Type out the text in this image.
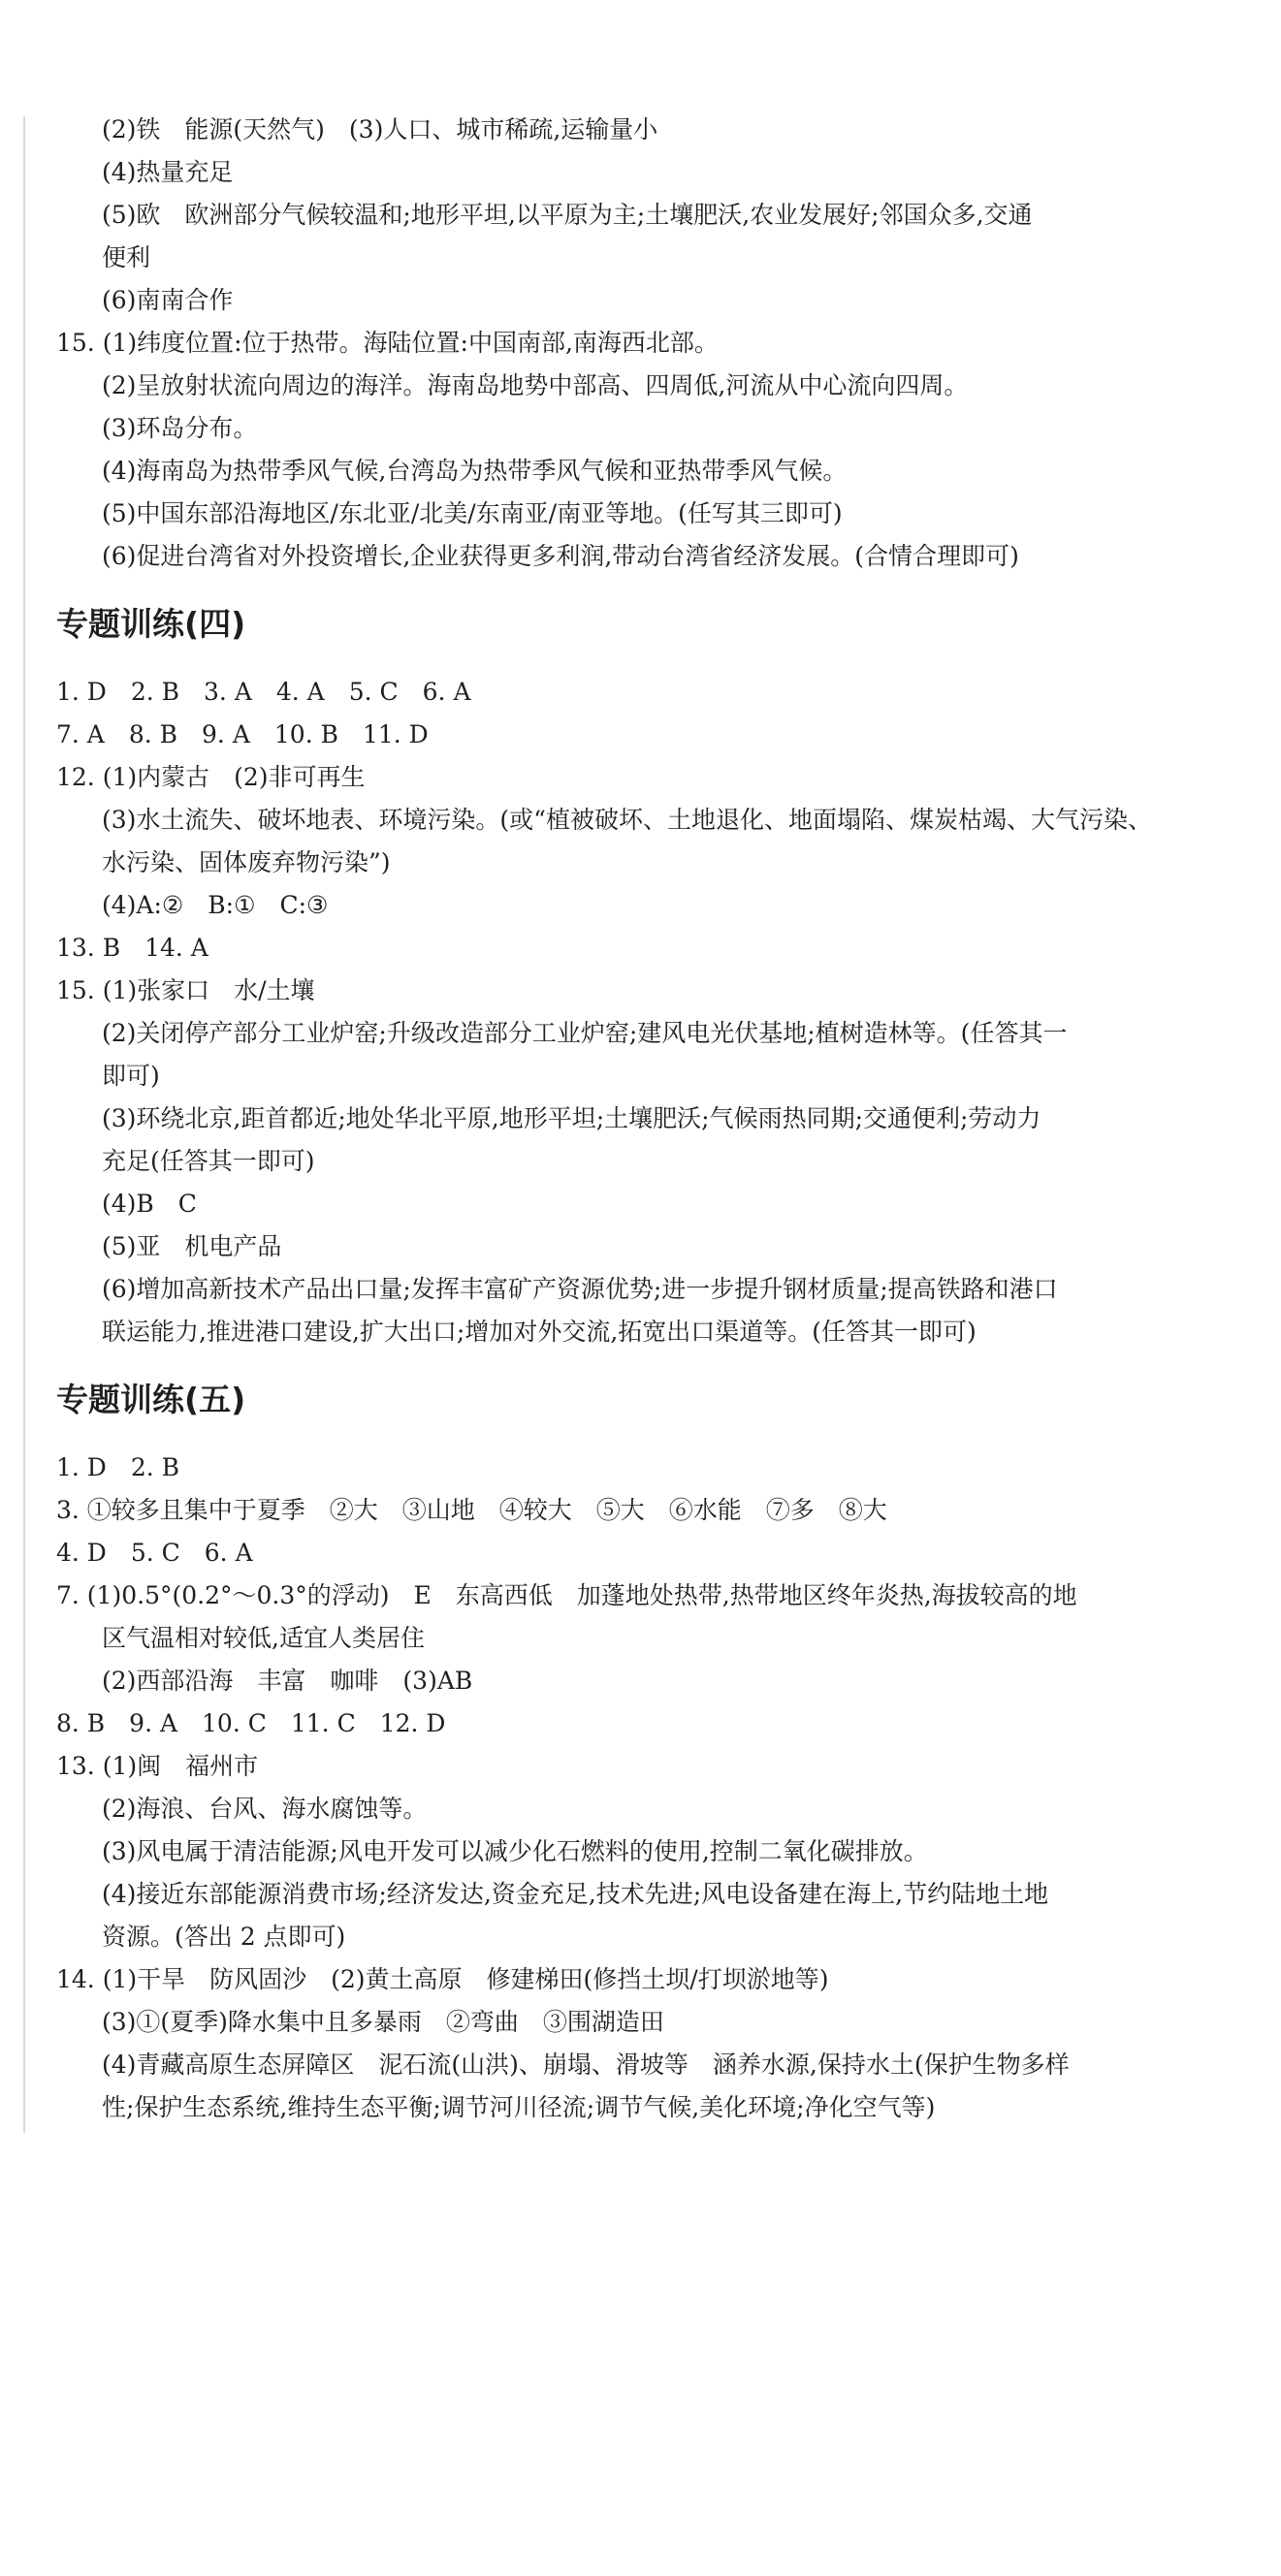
(2)铁　能源(天然气)　(3)人口、城市稀疏,运输量小
(4)热量充足
(5)欧　欧洲部分气候较温和;地形平坦,以平原为主;土壤肥沃,农业发展好;邻国众多,交通
便利
(6)南南合作
15. (1)纬度位置:位于热带。海陆位置:中国南部,南海西北部。
(2)呈放射状流向周边的海洋。海南岛地势中部高、四周低,河流从中心流向四周。
(3)环岛分布。
(4)海南岛为热带季风气候,台湾岛为热带季风气候和亚热带季风气候。
(5)中国东部沿海地区/东北亚/北美/东南亚/南亚等地。(任写其三即可)
(6)促进台湾省对外投资增长,企业获得更多利润,带动台湾省经济发展。(合情合理即可)
专题训练(四)
1. D　2. B　3. A　4. A　5. C　6. A
7. A　8. B　9. A　10. B　11. D
12. (1)内蒙古　(2)非可再生
(3)水土流失、破坏地表、环境污染。(或“植被破坏、土地退化、地面塌陷、煤炭枯竭、大气污染、
水污染、固体废弃物污染”)
(4)A:②　B:①　C:③
13. B　14. A
15. (1)张家口　水/土壤
(2)关闭停产部分工业炉窑;升级改造部分工业炉窑;建风电光伏基地;植树造林等。(任答其一
即可)
(3)环绕北京,距首都近;地处华北平原,地形平坦;土壤肥沃;气候雨热同期;交通便利;劳动力
充足(任答其一即可)
(4)B　C
(5)亚　机电产品
(6)增加高新技术产品出口量;发挥丰富矿产资源优势;进一步提升钢材质量;提高铁路和港口
联运能力,推进港口建设,扩大出口;增加对外交流,拓宽出口渠道等。(任答其一即可)
专题训练(五)
1. D　2. B
3. ①较多且集中于夏季　②大　③山地　④较大　⑤大　⑥水能　⑦多　⑧大
4. D　5. C　6. A
7. (1)0.5°(0.2°～0.3°的浮动)　E　东高西低　加蓬地处热带,热带地区终年炎热,海拔较高的地
区气温相对较低,适宜人类居住
(2)西部沿海　丰富　咖啡　(3)AB
8. B　9. A　10. C　11. C　12. D
13. (1)闽　福州市
(2)海浪、台风、海水腐蚀等。
(3)风电属于清洁能源;风电开发可以减少化石燃料的使用,控制二氧化碳排放。
(4)接近东部能源消费市场;经济发达,资金充足,技术先进;风电设备建在海上,节约陆地土地
资源。(答出 2 点即可)
14. (1)干旱　防风固沙　(2)黄土高原　修建梯田(修挡土坝/打坝淤地等)
(3)①(夏季)降水集中且多暴雨　②弯曲　③围湖造田
(4)青藏高原生态屏障区　泥石流(山洪)、崩塌、滑坡等　涵养水源,保持水土(保护生物多样
性;保护生态系统,维持生态平衡;调节河川径流;调节气候,美化环境;净化空气等)
